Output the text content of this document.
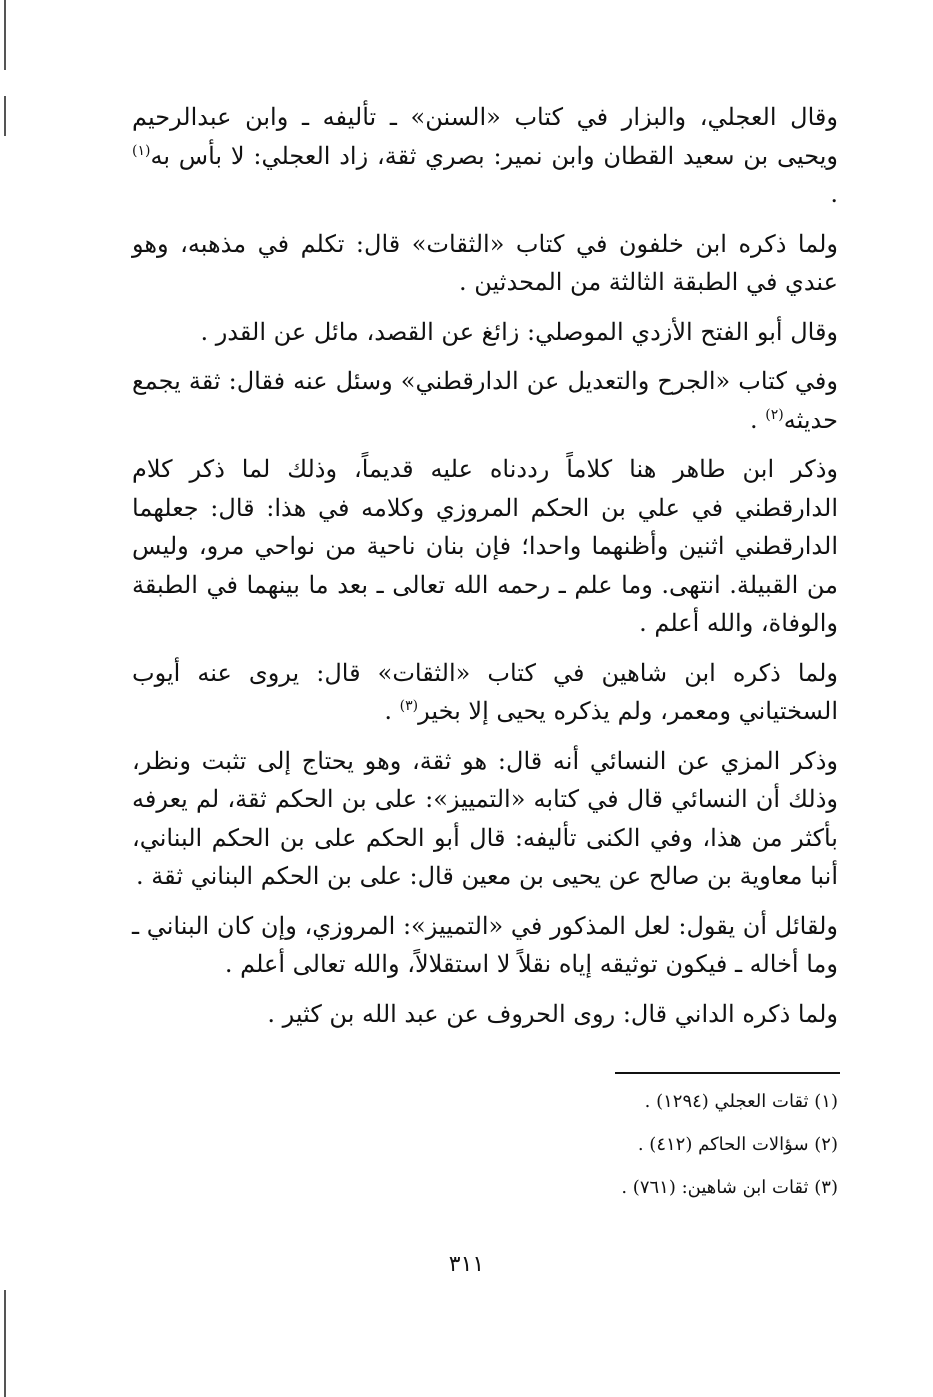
وقال العجلي، والبزار في كتاب «السنن» ـ تأليفه ـ وابن عبدالرحيم ويحيى بن سعيد القطان وابن نمير: بصري ثقة، زاد العجلي: لا بأس به$^{(١)}$ .

ولما ذكره ابن خلفون في كتاب «الثقات» قال: تكلم في مذهبه، وهو عندي في الطبقة الثالثة من المحدثين .

وقال أبو الفتح الأزدي الموصلي: زائغ عن القصد، مائل عن القدر .

وفي كتاب «الجرح والتعديل عن الدارقطني» وسئل عنه فقال: ثقة يجمع حديثه$^{(٢)}$ .

وذكر ابن طاهر هنا كلاماً رددناه عليه قديماً، وذلك لما ذكر كلام الدارقطني في علي بن الحكم المروزي وكلامه في هذا: قال: جعلهما الدارقطني اثنين وأظنهما واحدا؛ فإن بنان ناحية من نواحي مرو، وليس من القبيلة. انتهى. وما علم ـ رحمه الله تعالى ـ بعد ما بينهما في الطبقة والوفاة، والله أعلم .

ولما ذكره ابن شاهين في كتاب «الثقات» قال: يروى عنه أيوب السختياني ومعمر، ولم يذكره يحيى إلا بخير$^{(٣)}$ .

وذكر المزي عن النسائي أنه قال: هو ثقة، وهو يحتاج إلى تثبت ونظر، وذلك أن النسائي قال في كتابه «التمييز»: على بن الحكم ثقة، لم يعرفه بأكثر من هذا، وفي الكنى تأليفه: قال أبو الحكم على بن الحكم البناني، أنبا معاوية بن صالح عن يحيى بن معين قال: على بن الحكم البناني ثقة .

ولقائل أن يقول: لعل المذكور في «التمييز»: المروزي، وإن كان البناني ـ وما أخاله ـ فيكون توثيقه إياه نقلاً لا استقلالاً، والله تعالى أعلم .

ولما ذكره الداني قال: روى الحروف عن عبد الله بن كثير .

(١) ثقات العجلي (١٢٩٤) .

(٢) سؤالات الحاكم (٤١٢) .

(٣) ثقات ابن شاهين: (٧٦١) .

٣١١
